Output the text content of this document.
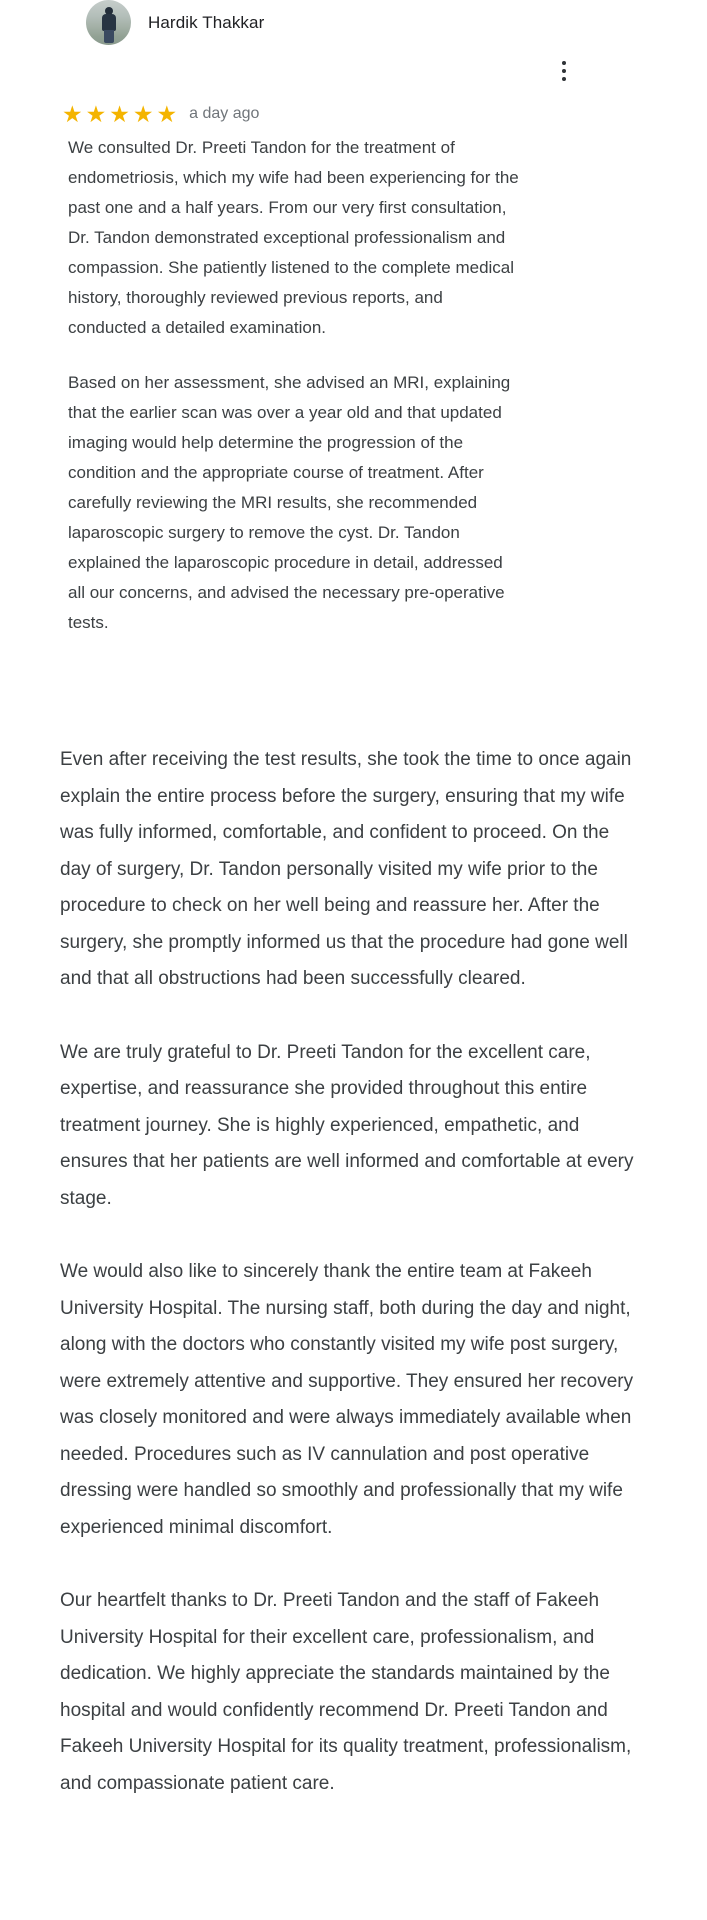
Hardik Thakkar
★ ★ ★ ★ ★ a day ago

We consulted Dr. Preeti Tandon for the treatment of endometriosis, which my wife had been experiencing for the past one and a half years. From our very first consultation, Dr. Tandon demonstrated exceptional professionalism and compassion. She patiently listened to the complete medical history, thoroughly reviewed previous reports, and conducted a detailed examination.

Based on her assessment, she advised an MRI, explaining that the earlier scan was over a year old and that updated imaging would help determine the progression of the condition and the appropriate course of treatment. After carefully reviewing the MRI results, she recommended laparoscopic surgery to remove the cyst. Dr. Tandon explained the laparoscopic procedure in detail, addressed all our concerns, and advised the necessary pre-operative tests.

Even after receiving the test results, she took the time to once again explain the entire process before the surgery, ensuring that my wife was fully informed, comfortable, and confident to proceed. On the day of surgery, Dr. Tandon personally visited my wife prior to the procedure to check on her well being and reassure her. After the surgery, she promptly informed us that the procedure had gone well and that all obstructions had been successfully cleared.

We are truly grateful to Dr. Preeti Tandon for the excellent care, expertise, and reassurance she provided throughout this entire treatment journey. She is highly experienced, empathetic, and ensures that her patients are well informed and comfortable at every stage.

We would also like to sincerely thank the entire team at Fakeeh University Hospital. The nursing staff, both during the day and night, along with the doctors who constantly visited my wife post surgery, were extremely attentive and supportive. They ensured her recovery was closely monitored and were always immediately available when needed. Procedures such as IV cannulation and post operative dressing were handled so smoothly and professionally that my wife experienced minimal discomfort.

Our heartfelt thanks to Dr. Preeti Tandon and the staff of Fakeeh University Hospital for their excellent care, professionalism, and dedication. We highly appreciate the standards maintained by the hospital and would confidently recommend Dr. Preeti Tandon and Fakeeh University Hospital for its quality treatment, professionalism, and compassionate patient care.
